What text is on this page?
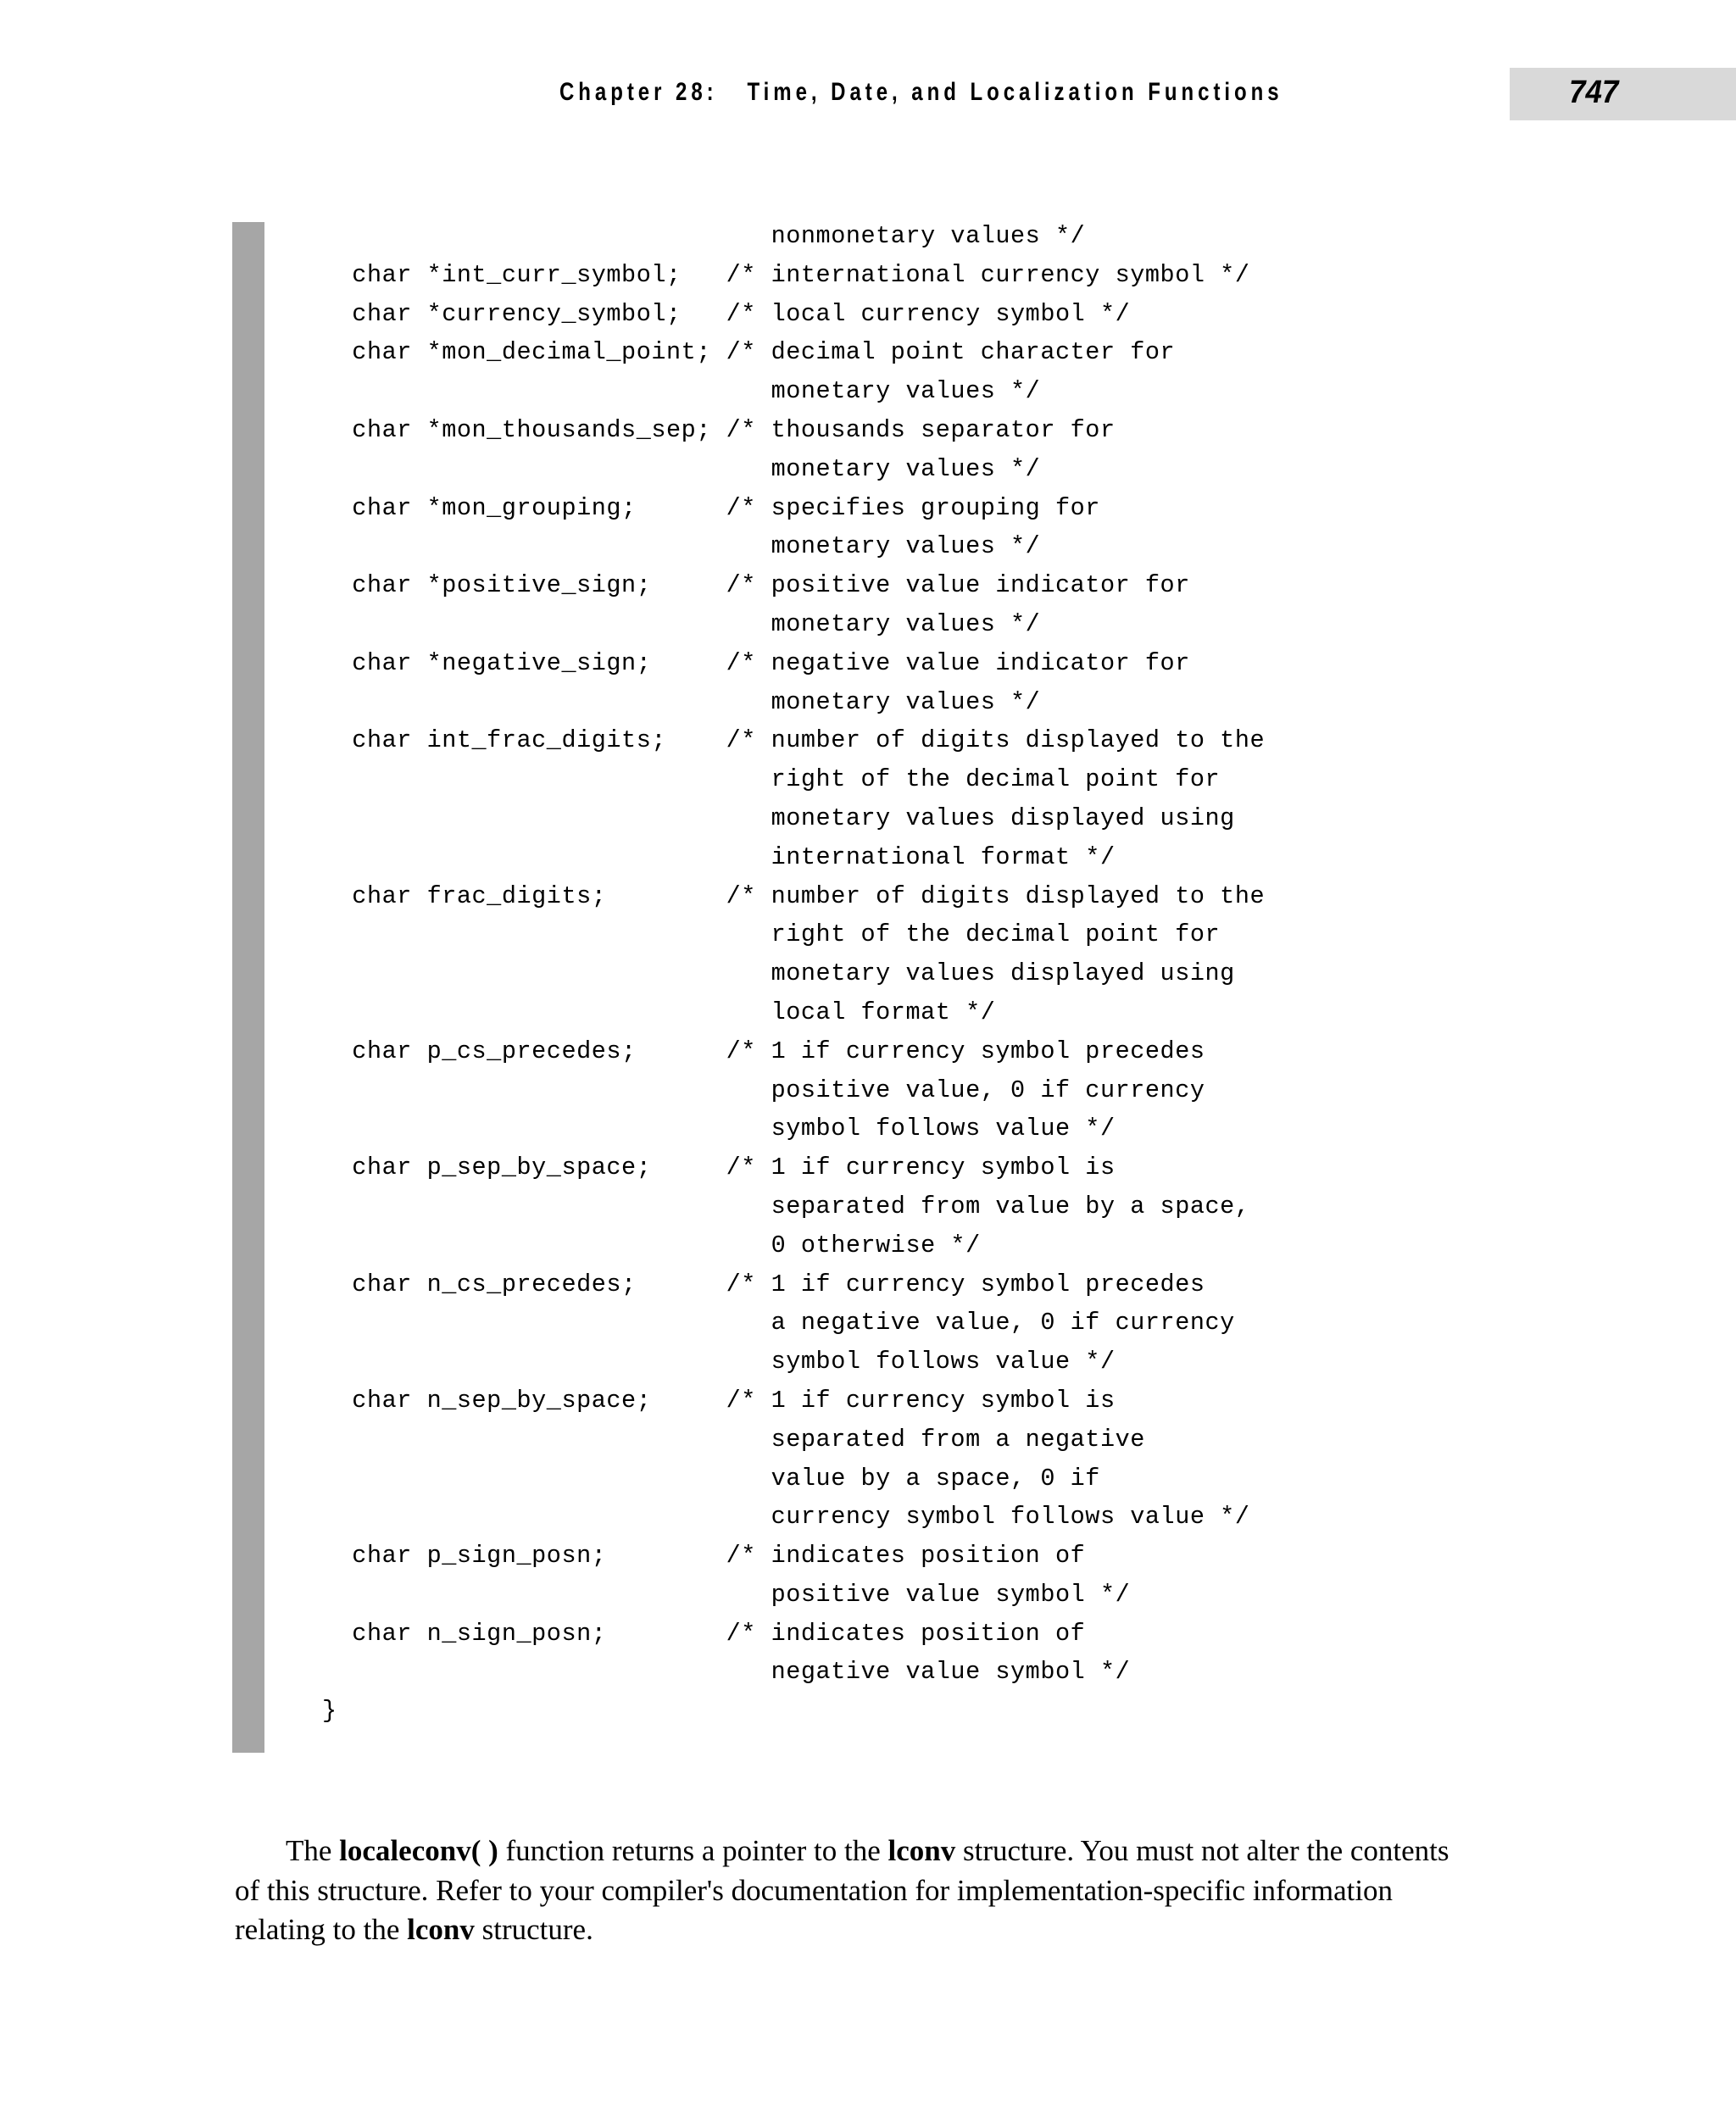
Chapter 28:   Time, Date, and Localization Functions	747
nonmonetary values */
char *int_curr_symbol;   /* international currency symbol */
char *currency_symbol;   /* local currency symbol */
char *mon_decimal_point; /* decimal point character for
monetary values */
char *mon_thousands_sep; /* thousands separator for
monetary values */
char *mon_grouping;      /* specifies grouping for
monetary values */
char *positive_sign;     /* positive value indicator for
monetary values */
char *negative_sign;     /* negative value indicator for
monetary values */
char int_frac_digits;    /* number of digits displayed to the
right of the decimal point for
monetary values displayed using
international format */
char frac_digits;        /* number of digits displayed to the
right of the decimal point for
monetary values displayed using
local format */
char p_cs_precedes;      /* 1 if currency symbol precedes
positive value, 0 if currency
symbol follows value */
char p_sep_by_space;     /* 1 if currency symbol is
separated from value by a space,
0 otherwise */
char n_cs_precedes;      /* 1 if currency symbol precedes
a negative value, 0 if currency
symbol follows value */
char n_sep_by_space;     /* 1 if currency symbol is
separated from a negative
value by a space, 0 if
currency symbol follows value */
char p_sign_posn;        /* indicates position of
positive value symbol */
char n_sign_posn;        /* indicates position of
negative value symbol */
}

The localeconv( ) function returns a pointer to the lconv structure. You must not alter the contents of this structure. Refer to your compiler's documentation for implementation-specific information relating to the lconv structure.
